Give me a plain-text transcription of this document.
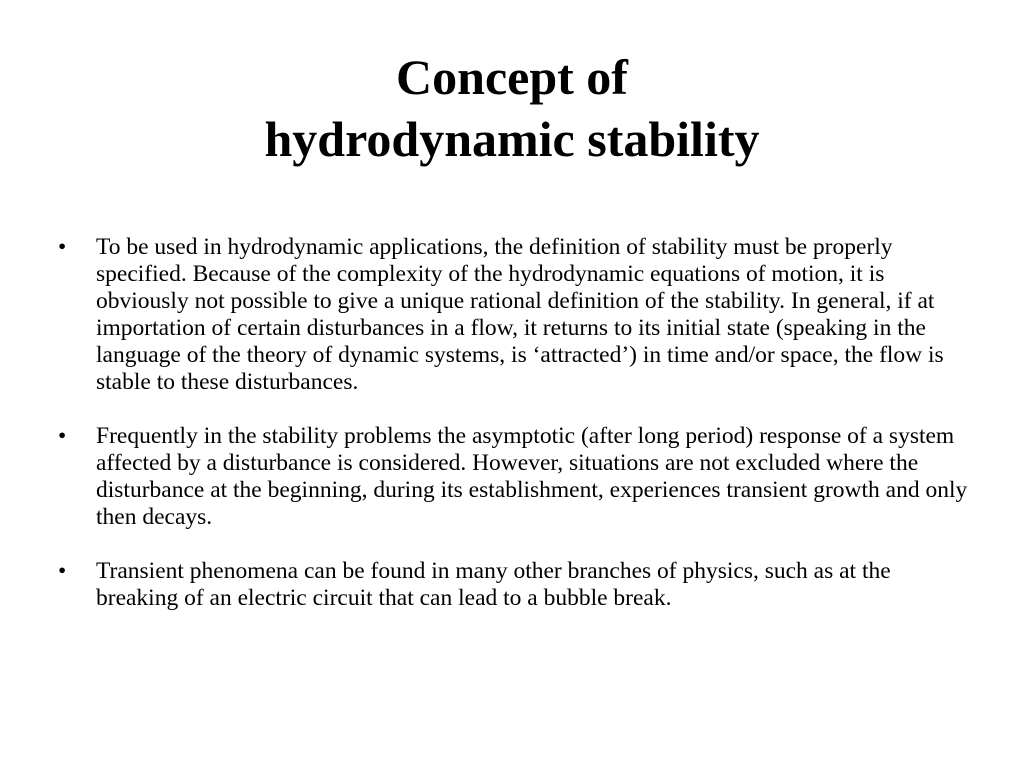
Concept of
hydrodynamic stability
•	To be used in hydrodynamic applications, the definition of stability must be properly specified. Because of the complexity of the hydrodynamic equations of motion, it is obviously not possible to give a unique rational definition of the stability. In general, if at importation of certain disturbances in a flow, it returns to its initial state (speaking in the language of the theory of dynamic systems, is ‘attracted’) in time and/or space, the flow is stable to these disturbances.
•	Frequently in the stability problems the asymptotic (after long period) response of a system affected by a disturbance is considered. However, situations are not excluded where the disturbance at the beginning, during its establishment, experiences transient growth and only then decays.
•	Transient phenomena can be found in many other branches of physics, such as at the breaking of an electric circuit that can lead to a bubble break.
